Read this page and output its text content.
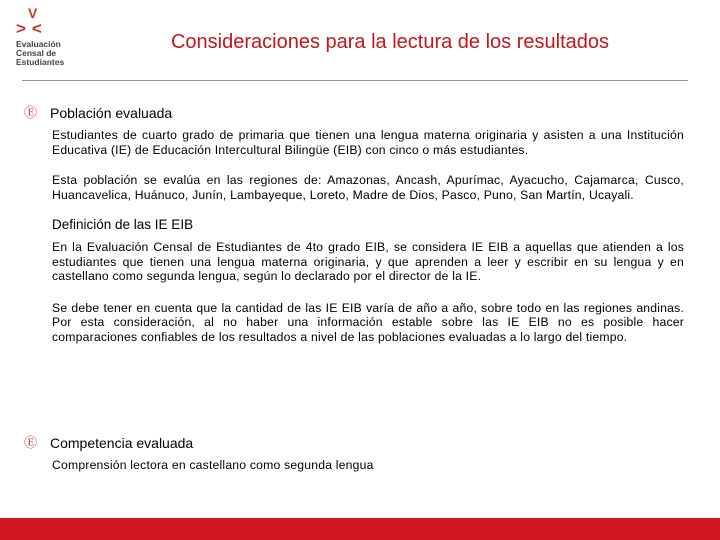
V
><
Evaluación
Censal de
Estudiantes
Consideraciones para la lectura de los resultados
Ⓔ Población evaluada
Estudiantes de cuarto grado de primaria que tienen una lengua materna originaria y asisten a una Institución Educativa (IE) de Educación Intercultural Bilingüe (EIB) con cinco o más estudiantes.
Esta población se evalúa en las regiones de: Amazonas, Ancash, Apurímac, Ayacucho, Cajamarca, Cusco, Huancavelica, Huánuco, Junín, Lambayeque, Loreto, Madre de Dios, Pasco, Puno, San Martín, Ucayali.
Definición de las IE EIB
En la Evaluación Censal de Estudiantes de 4to grado EIB, se considera IE EIB a aquellas que atienden a los estudiantes que tienen una lengua materna originaria, y que aprenden a leer y escribir en su lengua y en castellano como segunda lengua, según lo declarado por el director de la IE.
Se debe tener en cuenta que la cantidad de las IE EIB varía de año a año, sobre todo en las regiones andinas. Por esta consideración, al no haber una información estable sobre las IE EIB no es posible hacer comparaciones confiables de los resultados a nivel de las poblaciones evaluadas a lo largo del tiempo.
Ⓔ Competencia evaluada
Comprensión lectora en castellano como segunda lengua
